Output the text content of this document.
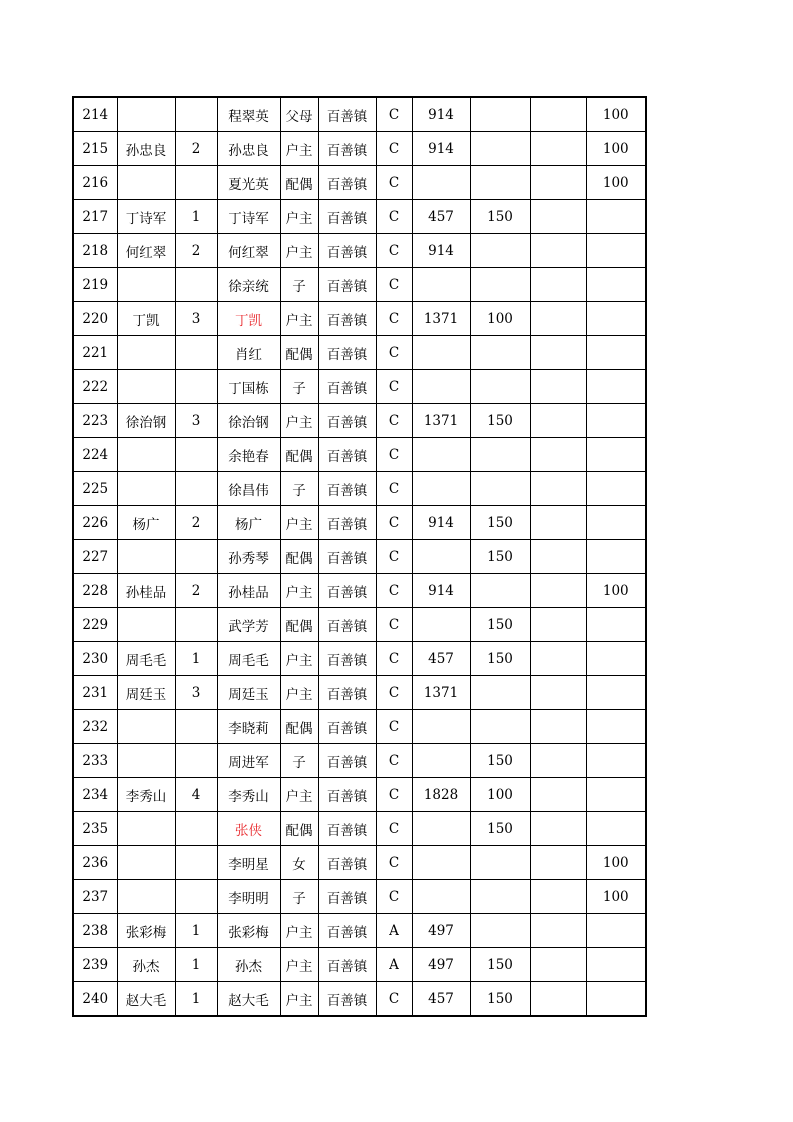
214			程翠英	父母	百善镇	C	914			100
215	孙忠良	2	孙忠良	户主	百善镇	C	914			100
216			夏光英	配偶	百善镇	C				100
217	丁诗军	1	丁诗军	户主	百善镇	C	457	150		
218	何红翠	2	何红翠	户主	百善镇	C	914			
219			徐亲统	子	百善镇	C				
220	丁凯	3	丁凯	户主	百善镇	C	1371	100		
221			肖红	配偶	百善镇	C				
222			丁国栋	子	百善镇	C				
223	徐治钢	3	徐治钢	户主	百善镇	C	1371	150		
224			余艳春	配偶	百善镇	C				
225			徐昌伟	子	百善镇	C				
226	杨广	2	杨广	户主	百善镇	C	914	150		
227			孙秀琴	配偶	百善镇	C		150		
228	孙桂品	2	孙桂品	户主	百善镇	C	914			100
229			武学芳	配偶	百善镇	C		150		
230	周毛毛	1	周毛毛	户主	百善镇	C	457	150		
231	周廷玉	3	周廷玉	户主	百善镇	C	1371			
232			李晓莉	配偶	百善镇	C				
233			周进军	子	百善镇	C		150		
234	李秀山	4	李秀山	户主	百善镇	C	1828	100		
235			张侠	配偶	百善镇	C		150		
236			李明星	女	百善镇	C				100
237			李明明	子	百善镇	C				100
238	张彩梅	1	张彩梅	户主	百善镇	A	497			
239	孙杰	1	孙杰	户主	百善镇	A	497	150		
240	赵大毛	1	赵大毛	户主	百善镇	C	457	150		
